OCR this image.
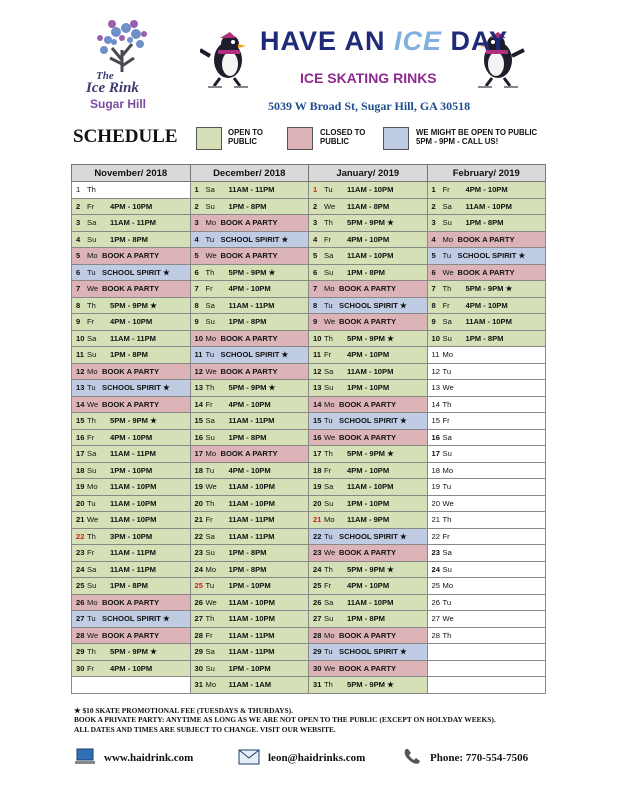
The
Ice Rink
Sugar Hill
HAVE AN ICE DAY
ICE SKATING RINKS
5039 W Broad St, Sugar Hill, GA 30518
SCHEDULE	OPEN TO
PUBLIC
CLOSED TO
PUBLIC
WE MIGHT BE OPEN TO PUBLIC
5PM - 9PM - CALL US!
November/ 2018	December/ 2018	January/ 2019	February/ 2019
1 Th	1 Sa 11AM - 11PM	1 Tu 11AM - 10PM	1 Fr 4PM - 10PM
2 Fr 4PM - 10PM	2 Su 1PM - 8PM	2 We 11AM - 8PM	2 Sa 11AM - 10PM
3 Sa 11AM - 11PM	3 Mo BOOK A PARTY	3 Th 5PM - 9PM ★	3 Su 1PM - 8PM
4 Su 1PM - 8PM	4 Tu SCHOOL SPIRIT ★	4 Fr 4PM - 10PM	4 Mo BOOK A PARTY
5 Mo BOOK A PARTY	5 We BOOK A PARTY	5 Sa 11AM - 10PM	5 Tu SCHOOL SPIRIT ★
6 Tu SCHOOL SPIRIT ★	6 Th 5PM - 9PM ★	6 Su 1PM - 8PM	6 We BOOK A PARTY
7 We BOOK A PARTY	7 Fr 4PM - 10PM	7 Mo BOOK A PARTY	7 Th 5PM - 9PM ★
8 Th 5PM - 9PM ★	8 Sa 11AM - 11PM	8 Tu SCHOOL SPIRIT ★	8 Fr 4PM - 10PM
9 Fr 4PM - 10PM	9 Su 1PM - 8PM	9 We BOOK A PARTY	9 Sa 11AM - 10PM
10 Sa 11AM - 11PM	10 Mo BOOK A PARTY	10 Th 5PM - 9PM ★	10 Su 1PM - 8PM
11 Su 1PM - 8PM	11 Tu SCHOOL SPIRIT ★	11 Fr 4PM - 10PM	11 Mo
12 Mo BOOK A PARTY	12 We BOOK A PARTY	12 Sa 11AM - 10PM	12 Tu
13 Tu SCHOOL SPIRIT ★	13 Th 5PM - 9PM ★	13 Su 1PM - 10PM	13 We
14 We BOOK A PARTY	14 Fr 4PM - 10PM	14 Mo BOOK A PARTY	14 Th
15 Th 5PM - 9PM ★	15 Sa 11AM - 11PM	15 Tu SCHOOL SPIRIT ★	15 Fr
16 Fr 4PM - 10PM	16 Su 1PM - 8PM	16 We BOOK A PARTY	16 Sa
17 Sa 11AM - 11PM	17 Mo BOOK A PARTY	17 Th 5PM - 9PM ★	17 Su
18 Su 1PM - 10PM	18 Tu 4PM - 10PM	18 Fr 4PM - 10PM	18 Mo
19 Mo 11AM - 10PM	19 We 11AM - 10PM	19 Sa 11AM - 10PM	19 Tu
20 Tu 11AM - 10PM	20 Th 11AM - 10PM	20 Su 1PM - 10PM	20 We
21 We 11AM - 10PM	21 Fr 11AM - 11PM	21 Mo 11AM - 9PM	21 Th
22 Th 3PM - 10PM	22 Sa 11AM - 11PM	22 Tu SCHOOL SPIRIT ★	22 Fr
23 Fr 11AM - 11PM	23 Su 1PM - 8PM	23 We BOOK A PARTY	23 Sa
24 Sa 11AM - 11PM	24 Mo 1PM - 8PM	24 Th 5PM - 9PM ★	24 Su
25 Su 1PM - 8PM	25 Tu 1PM - 10PM	25 Fr 4PM - 10PM	25 Mo
26 Mo BOOK A PARTY	26 We 11AM - 10PM	26 Sa 11AM - 10PM	26 Tu
27 Tu SCHOOL SPIRIT ★	27 Th 11AM - 10PM	27 Su 1PM - 8PM	27 We
28 We BOOK A PARTY	28 Fr 11AM - 11PM	28 Mo BOOK A PARTY	28 Th
29 Th 5PM - 9PM ★	29 Sa 11AM - 11PM	29 Tu SCHOOL SPIRIT ★	
30 Fr 4PM - 10PM	30 Su 1PM - 10PM	30 We BOOK A PARTY	
	31 Mo 11AM - 1AM	31 Th 5PM - 9PM ★	
★ $10 SKATE PROMOTIONAL FEE (TUESDAYS & THURDAYS).
BOOK A PRIVATE PARTY: ANYTIME AS LONG AS WE ARE NOT OPEN TO THE PUBLIC (EXCEPT ON HOLYDAY WEEKS).
ALL DATES AND TIMES ARE SUBJECT TO CHANGE. VISIT OUR WEBSITE.
www.haidrink.com	leon@haidrinks.com	Phone: 770-554-7506
